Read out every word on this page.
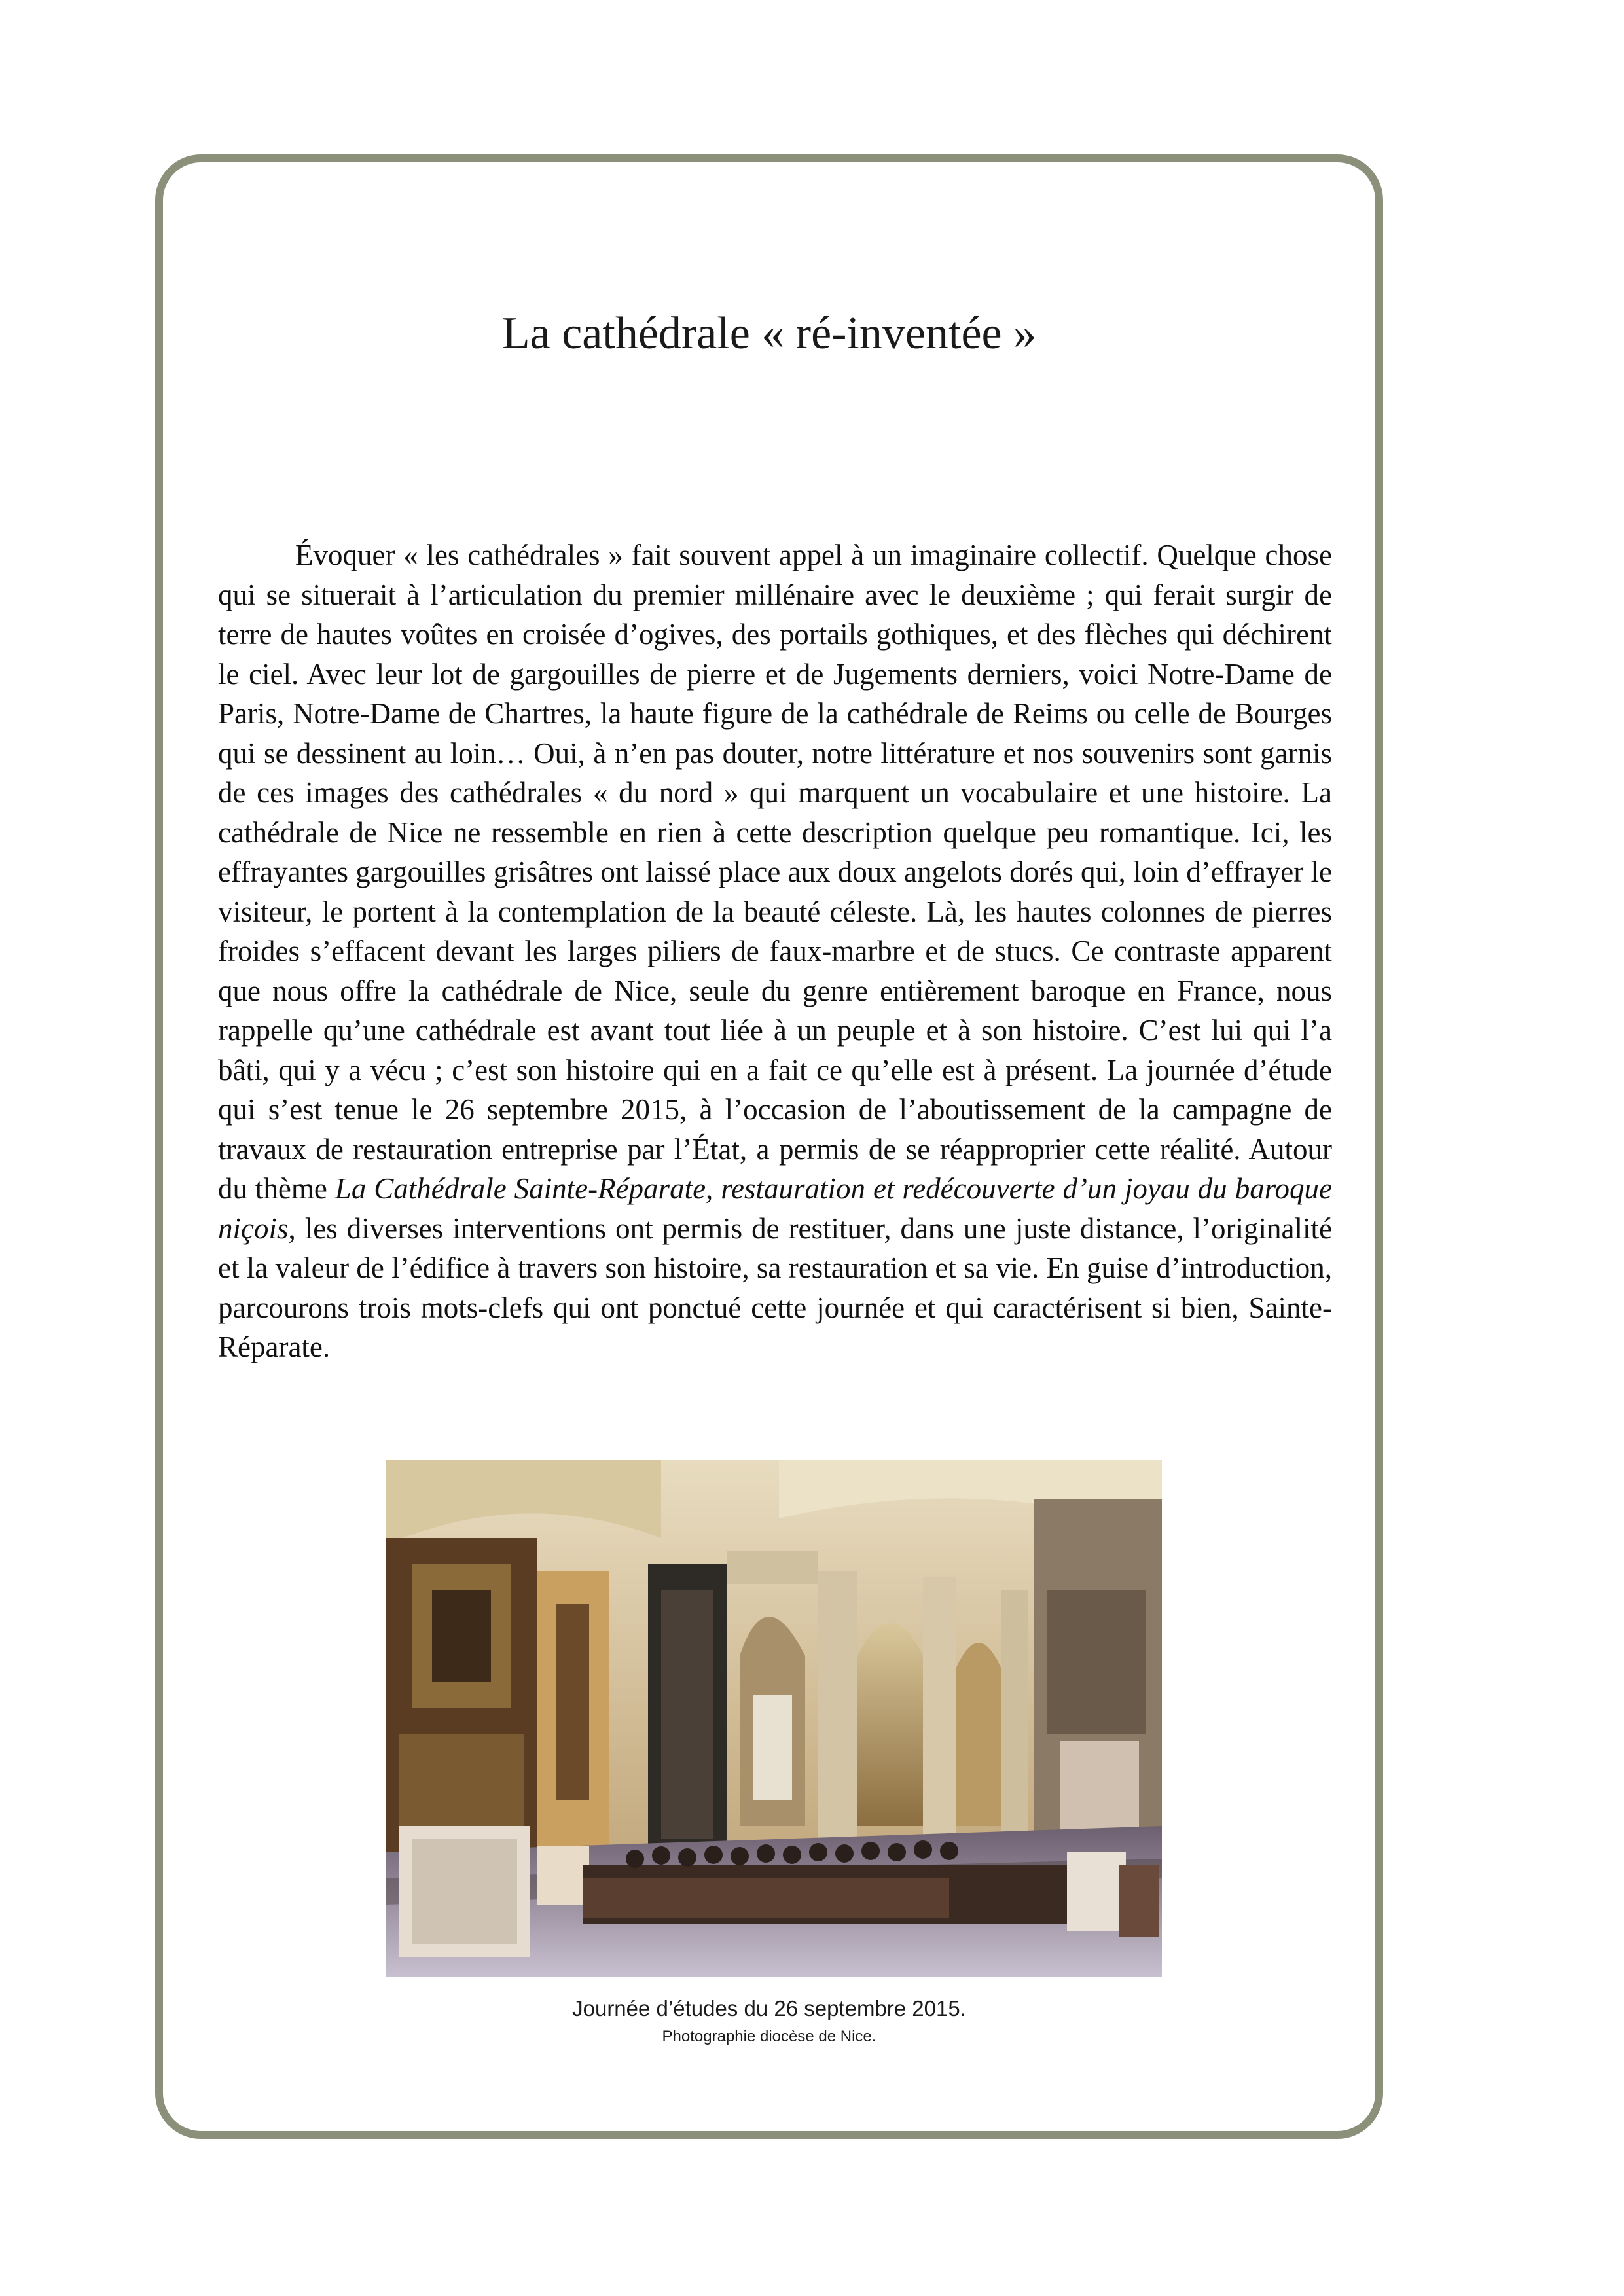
La cathédrale « ré-inventée »

Évoquer « les cathédrales » fait souvent appel à un imaginaire collectif. Quelque chose qui se situerait à l’articulation du premier millénaire avec le deuxième ; qui ferait surgir de terre de hautes voûtes en croisée d’ogives, des portails gothiques, et des flèches qui déchirent le ciel. Avec leur lot de gargouilles de pierre et de Jugements derniers, voici Notre-Dame de Paris, Notre-Dame de Chartres, la haute figure de la cathédrale de Reims ou celle de Bourges qui se dessinent au loin… Oui, à n’en pas douter, notre littérature et nos souvenirs sont garnis de ces images des cathédrales « du nord » qui marquent un vocabulaire et une histoire. La cathédrale de Nice ne ressemble en rien à cette description quelque peu romantique. Ici, les effrayantes gargouilles grisâtres ont laissé place aux doux angelots dorés qui, loin d’effrayer le visiteur, le portent à la contemplation de la beauté céleste. Là, les hautes colonnes de pierres froides s’effacent devant les larges piliers de faux-marbre et de stucs. Ce contraste apparent que nous offre la cathédrale de Nice, seule du genre entièrement baroque en France, nous rappelle qu’une cathédrale est avant tout liée à un peuple et à son histoire. C’est lui qui l’a bâti, qui y a vécu ; c’est son histoire qui en a fait ce qu’elle est à présent. La journée d’étude qui s’est tenue le 26 septembre 2015, à l’occasion de l’aboutissement de la campagne de travaux de restauration entreprise par l’État, a permis de se réapproprier cette réalité. Autour du thème La Cathédrale Sainte-Réparate, restauration et redécouverte d’un joyau du baroque niçois, les diverses interventions ont permis de restituer, dans une juste distance, l’originalité et la valeur de l’édifice à travers son histoire, sa restauration et sa vie. En guise d’introduction, parcourons trois mots-clefs qui ont ponctué cette journée et qui caractérisent si bien, Sainte-Réparate.

Journée d’études du 26 septembre 2015.
Photographie diocèse de Nice.
